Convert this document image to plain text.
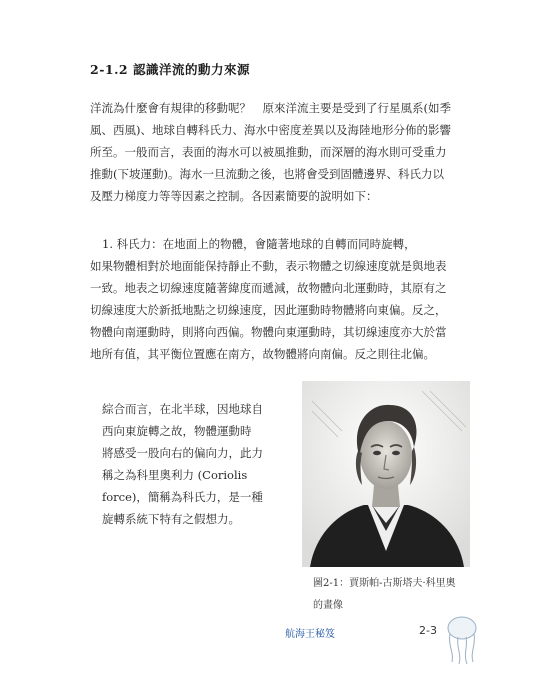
2-1.2 認識洋流的動力來源
洋流為什麼會有規律的移動呢？　原來洋流主要是受到了行星風系(如季
風、西風)、地球自轉科氏力、海水中密度差異以及海陸地形分佈的影響
所至。一般而言，表面的海水可以被風推動，而深層的海水則可受重力
推動(下坡運動)。海水一旦流動之後，也將會受到固體邊界、科氏力以
及壓力梯度力等等因素之控制。各因素簡要的說明如下：
1. 科氏力：在地面上的物體，會隨著地球的自轉而同時旋轉，
如果物體相對於地面能保持靜止不動，表示物體之切線速度就是與地表
一致。地表之切線速度隨著緯度而遞減，故物體向北運動時，其原有之
切線速度大於新抵地點之切線速度，因此運動時物體將向東偏。反之，
物體向南運動時，則將向西偏。物體向東運動時，其切線速度亦大於當
地所有值，其平衡位置應在南方，故物體將向南偏。反之則往北偏。
綜合而言，在北半球，因地球自
西向東旋轉之故，物體運動時
將感受一股向右的偏向力，此力
稱之為科里奧利力 (Coriolis
force)，簡稱為科氏力，是一種
旋轉系統下特有之假想力。
圖2-1：賈斯帕-古斯塔夫·科里奧
的畫像
航海王秘笈	2-3
